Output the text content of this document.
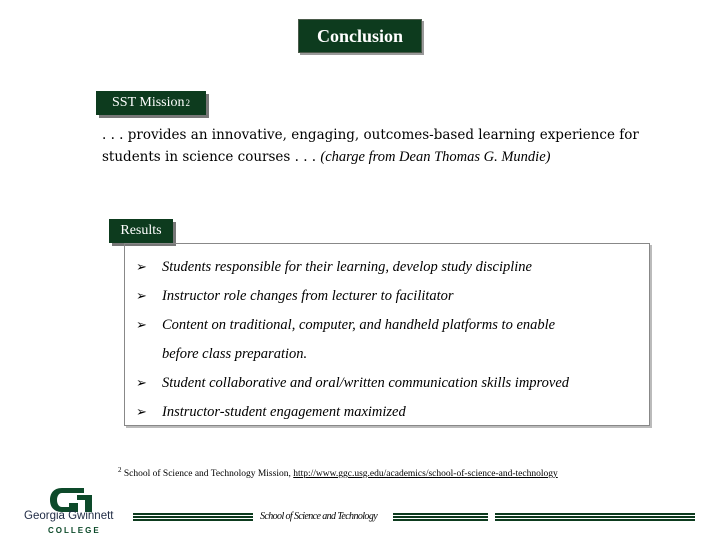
Conclusion
SST Mission 2
. . . provides an innovative, engaging, outcomes-based learning experience for students in science courses . . . (charge from Dean Thomas G. Mundie)
Results
➢	Students responsible for their learning, develop study discipline
➢	Instructor role changes from lecturer to facilitator
➢	Content on traditional, computer, and handheld platforms to enable
before class preparation.
➢	Student collaborative and oral/written communication skills improved
➢	Instructor-student engagement maximized
$^2$ School of Science and Technology Mission, http://www.ggc.usg.edu/academics/school-of-science-and-technology
Georgia Gwinnett
COLLEGE
School of Science and Technology
